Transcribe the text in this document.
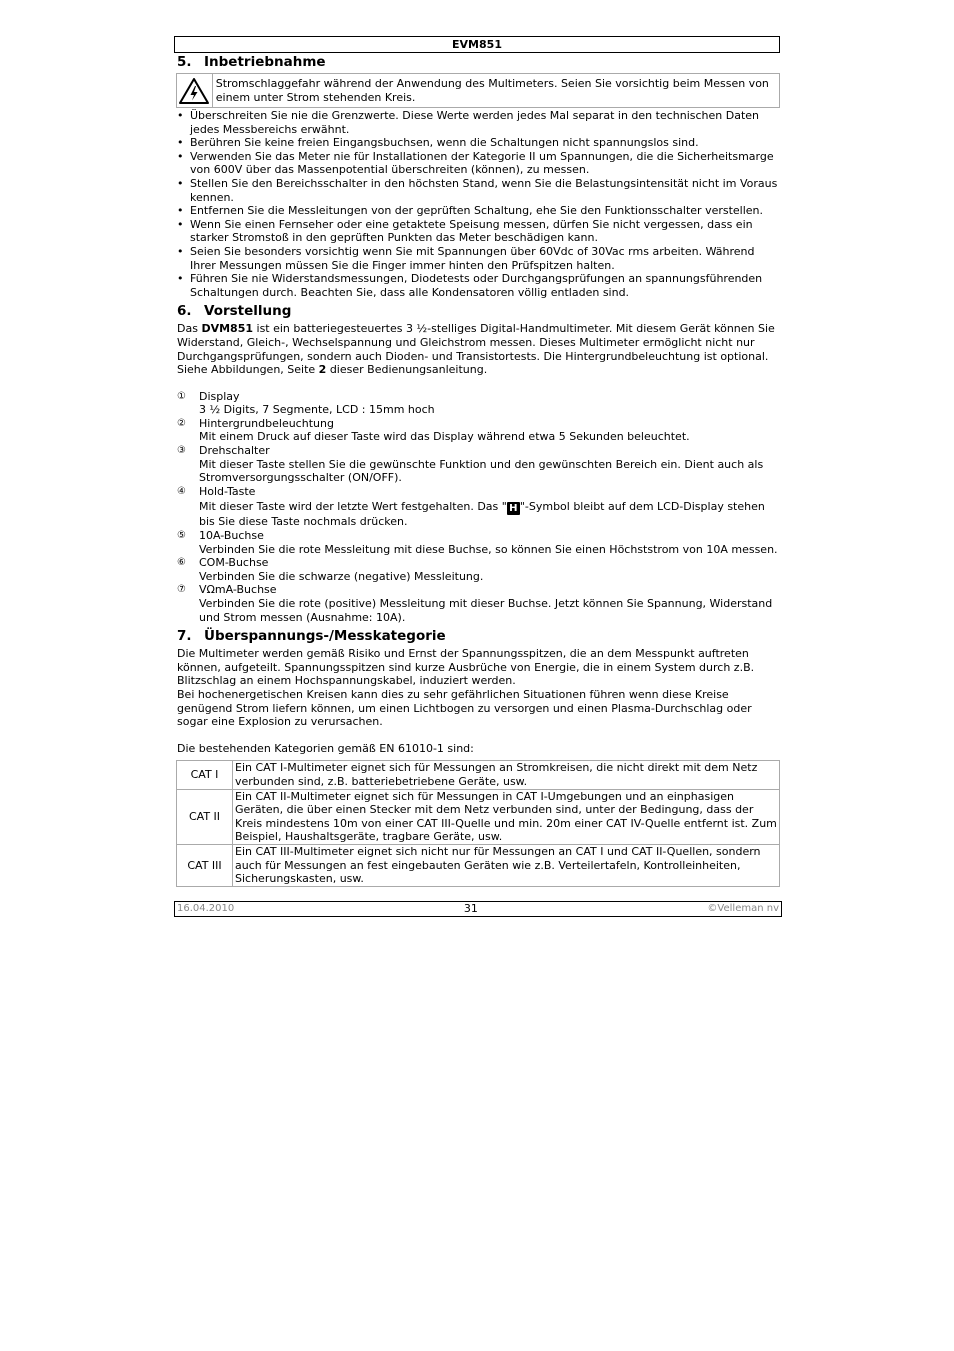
EVM851
5. Inbetriebnahme
Stromschlaggefahr während der Anwendung des Multimeters. Seien Sie vorsichtig beim Messen von einem unter Strom stehenden Kreis.
• Überschreiten Sie nie die Grenzwerte. Diese Werte werden jedes Mal separat in den technischen Daten jedes Messbereichs erwähnt.
• Berühren Sie keine freien Eingangsbuchsen, wenn die Schaltungen nicht spannungslos sind.
• Verwenden Sie das Meter nie für Installationen der Kategorie II um Spannungen, die die Sicherheitsmarge von 600V über das Massenpotential überschreiten (können), zu messen.
• Stellen Sie den Bereichsschalter in den höchsten Stand, wenn Sie die Belastungsintensität nicht im Voraus kennen.
• Entfernen Sie die Messleitungen von der geprüften Schaltung, ehe Sie den Funktionsschalter verstellen.
• Wenn Sie einen Fernseher oder eine getaktete Speisung messen, dürfen Sie nicht vergessen, dass ein starker Stromstoß in den geprüften Punkten das Meter beschädigen kann.
• Seien Sie besonders vorsichtig wenn Sie mit Spannungen über 60Vdc of 30Vac rms arbeiten. Während Ihrer Messungen müssen Sie die Finger immer hinten den Prüfspitzen halten.
• Führen Sie nie Widerstandsmessungen, Diodetests oder Durchgangsprüfungen an spannungsführenden Schaltungen durch. Beachten Sie, dass alle Kondensatoren völlig entladen sind.
6. Vorstellung

Das DVM851 ist ein batteriegesteuertes 3 ½-stelliges Digital-Handmultimeter. Mit diesem Gerät können Sie Widerstand, Gleich-, Wechselspannung und Gleichstrom messen. Dieses Multimeter ermöglicht nicht nur Durchgangsprüfungen, sondern auch Dioden- und Transistortests. Die Hintergrundbeleuchtung ist optional.

Siehe Abbildungen, Seite 2 dieser Bedienungsanleitung.

① Display
3 ½ Digits, 7 Segmente, LCD : 15mm hoch
② Hintergrundbeleuchtung
Mit einem Druck auf dieser Taste wird das Display während etwa 5 Sekunden beleuchtet.
③ Drehschalter
Mit dieser Taste stellen Sie die gewünschte Funktion und den gewünschten Bereich ein. Dient auch als Stromversorgungsschalter (ON/OFF).
④ Hold-Taste
Mit dieser Taste wird der letzte Wert festgehalten. Das " H "-Symbol bleibt auf dem LCD-Display stehen bis Sie diese Taste nochmals drücken.
⑤ 10A-Buchse
Verbinden Sie die rote Messleitung mit diese Buchse, so können Sie einen Höchststrom von 10A messen.
⑥ COM-Buchse
Verbinden Sie die schwarze (negative) Messleitung.
⑦ VΩmA-Buchse
Verbinden Sie die rote (positive) Messleitung mit dieser Buchse. Jetzt können Sie Spannung, Widerstand und Strom messen (Ausnahme: 10A).
7. Überspannungs-/Messkategorie

Die Multimeter werden gemäß Risiko und Ernst der Spannungsspitzen, die an dem Messpunkt auftreten können, aufgeteilt. Spannungsspitzen sind kurze Ausbrüche von Energie, die in einem System durch z.B. Blitzschlag an einem Hochspannungskabel, induziert werden.

Bei hochenergetischen Kreisen kann dies zu sehr gefährlichen Situationen führen wenn diese Kreise genügend Strom liefern können, um einen Lichtbogen zu versorgen und einen Plasma-Durchschlag oder sogar eine Explosion zu verursachen.

Die bestehenden Kategorien gemäß EN 61010-1 sind:

CAT I	Ein CAT I-Multimeter eignet sich für Messungen an Stromkreisen, die nicht direkt mit dem Netz verbunden sind, z.B. batteriebetriebene Geräte, usw.
CAT II	Ein CAT II-Multimeter eignet sich für Messungen in CAT I-Umgebungen und an einphasigen Geräten, die über einen Stecker mit dem Netz verbunden sind, unter der Bedingung, dass der Kreis mindestens 10m von einer CAT III-Quelle und min. 20m einer CAT IV-Quelle entfernt ist. Zum Beispiel, Haushaltsgeräte, tragbare Geräte, usw.
CAT III	Ein CAT III-Multimeter eignet sich nicht nur für Messungen an CAT I und CAT II-Quellen, sondern auch für Messungen an fest eingebauten Geräten wie z.B. Verteilertafeln, Kontrolleinheiten, Sicherungskasten, usw.
16.04.2010	31	©Velleman nv
